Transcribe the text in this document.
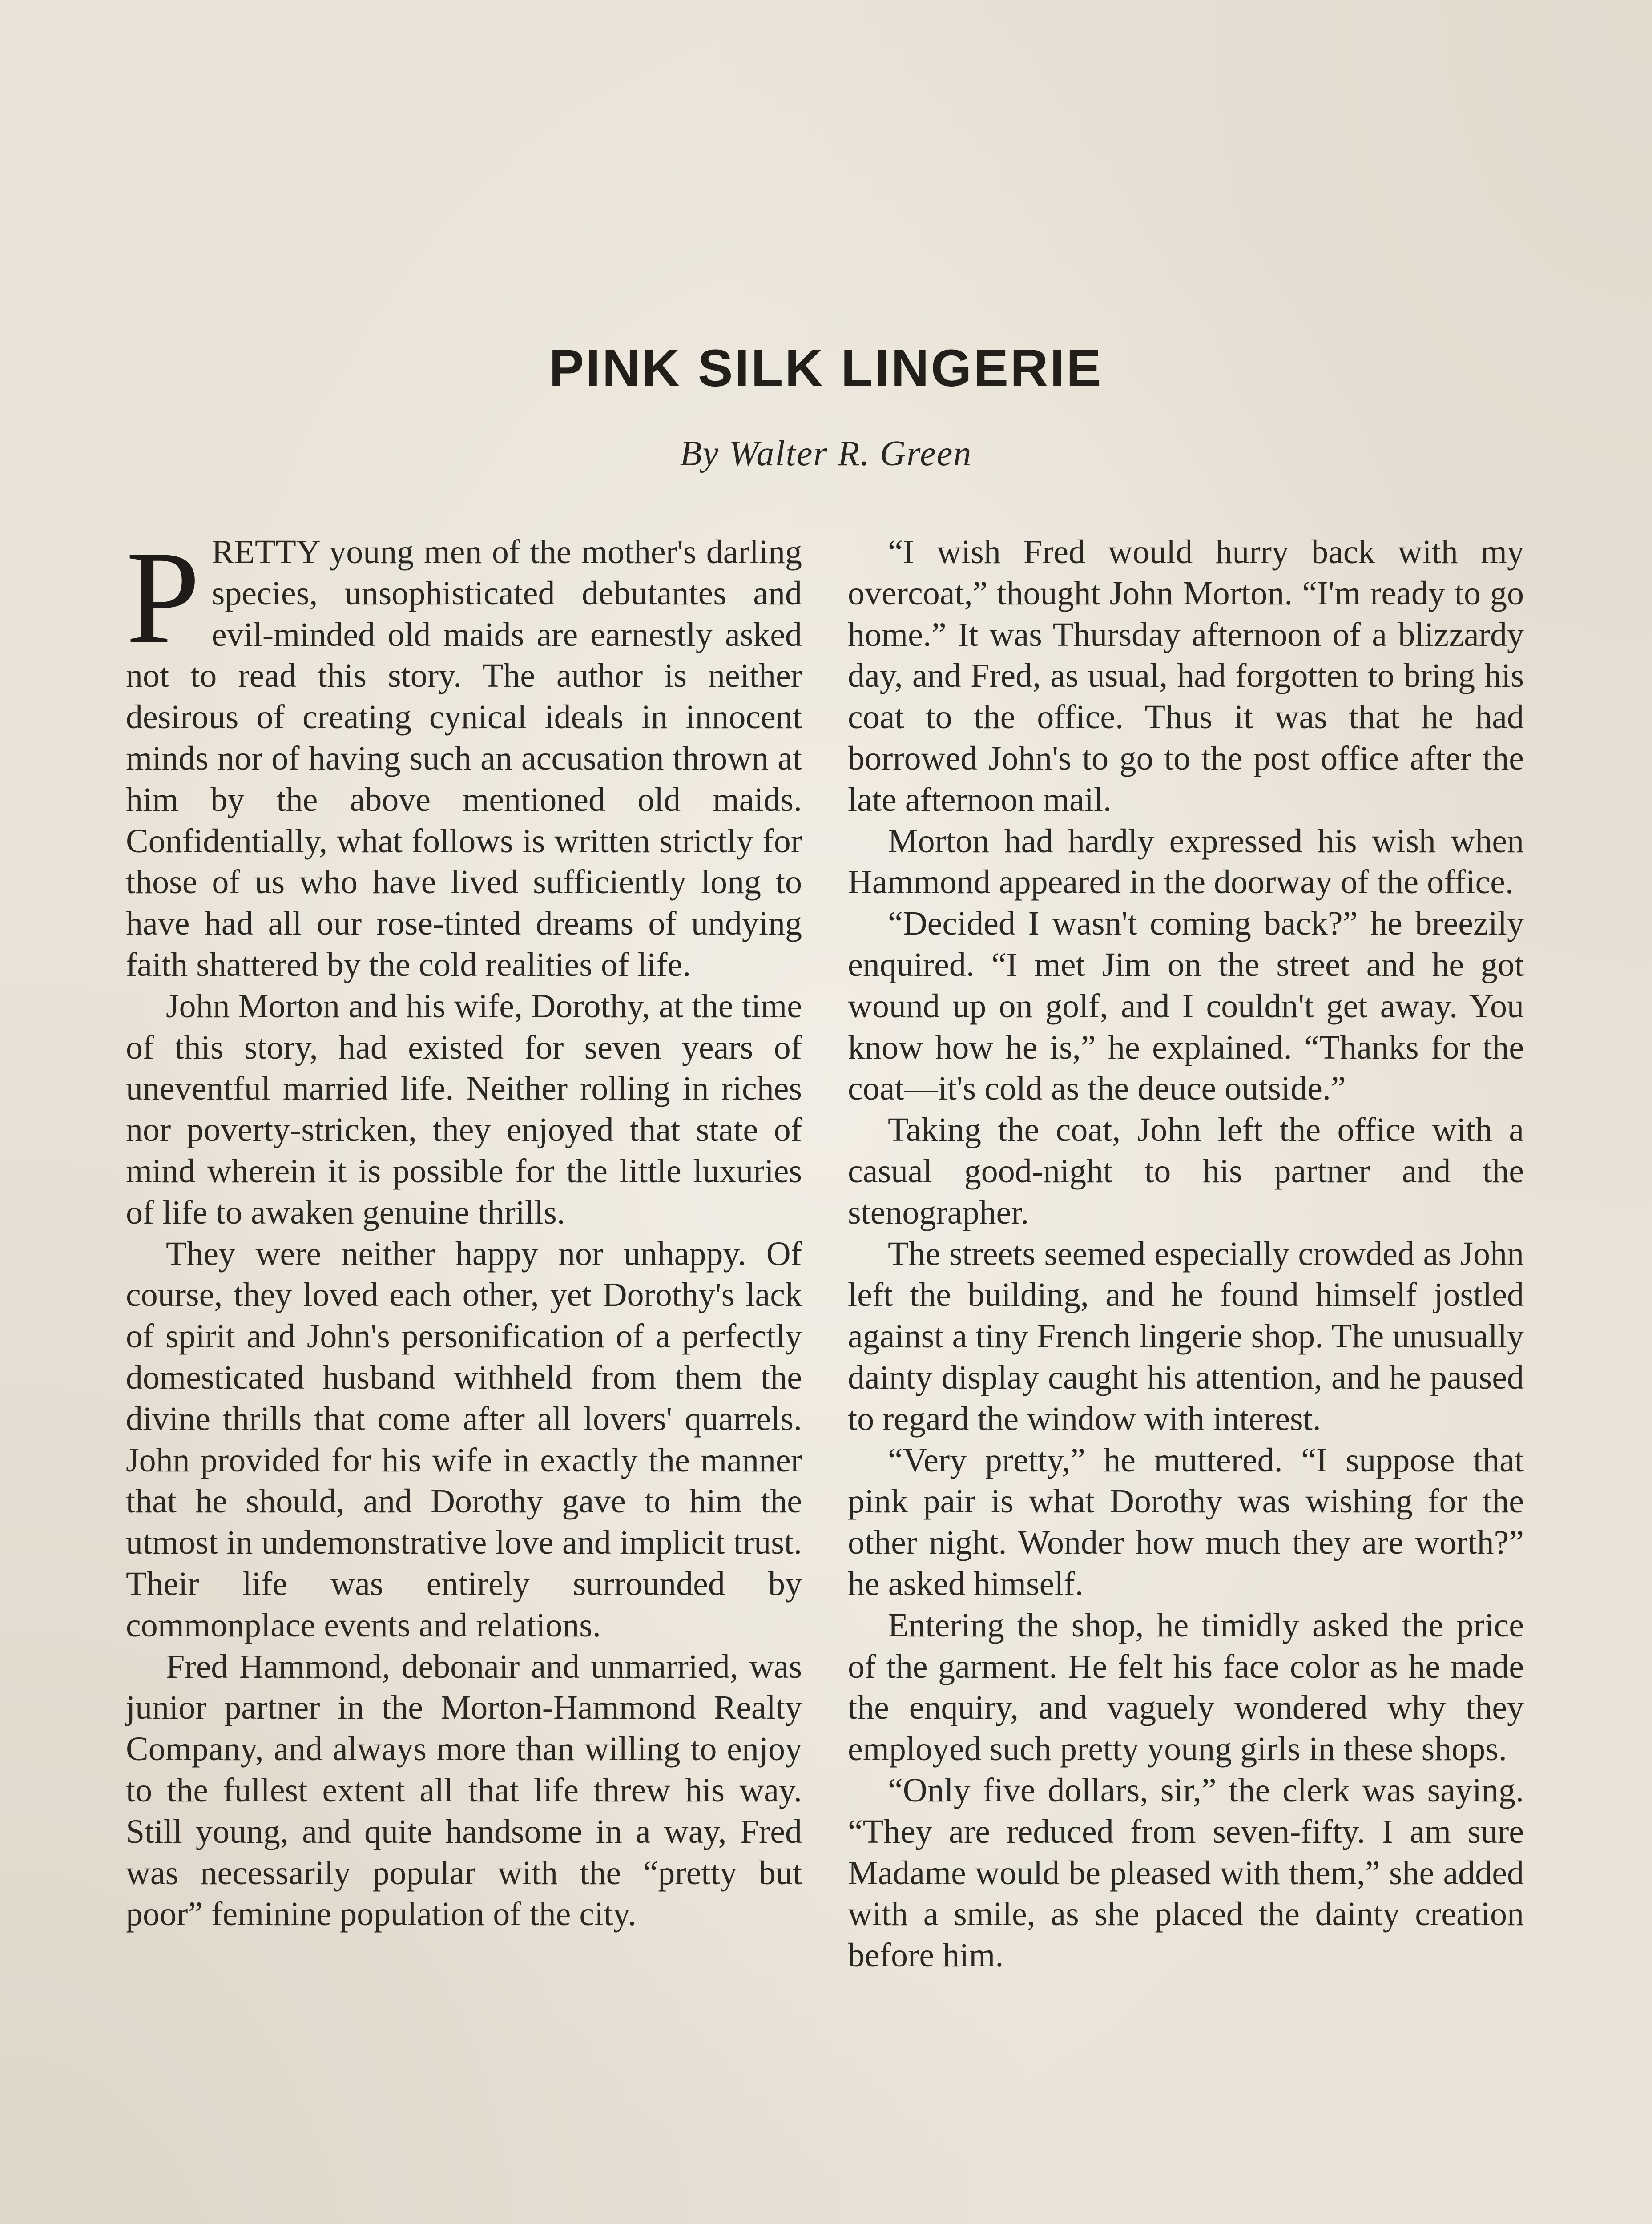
PINK SILK LINGERIE
By Walter R. Green

PRETTY young men of the mother's darling species, unsophisticated debutantes and evil-minded old maids are earnestly asked not to read this story. The author is neither desirous of creating cynical ideals in innocent minds nor of having such an accusation thrown at him by the above mentioned old maids. Confidentially, what follows is written strictly for those of us who have lived sufficiently long to have had all our rose-tinted dreams of undying faith shattered by the cold realities of life.

John Morton and his wife, Dorothy, at the time of this story, had existed for seven years of uneventful married life. Neither rolling in riches nor poverty-stricken, they enjoyed that state of mind wherein it is possible for the little luxuries of life to awaken genuine thrills.

They were neither happy nor unhappy. Of course, they loved each other, yet Dorothy's lack of spirit and John's personification of a perfectly domesticated husband withheld from them the divine thrills that come after all lovers' quarrels. John provided for his wife in exactly the manner that he should, and Dorothy gave to him the utmost in undemonstrative love and implicit trust. Their life was entirely surrounded by commonplace events and relations.

Fred Hammond, debonair and unmarried, was junior partner in the Morton-Hammond Realty Company, and always more than willing to enjoy to the fullest extent all that life threw his way. Still young, and quite handsome in a way, Fred was necessarily popular with the “pretty but poor” feminine population of the city.

“I wish Fred would hurry back with my overcoat,” thought John Morton. “I'm ready to go home.” It was Thursday afternoon of a blizzardy day, and Fred, as usual, had forgotten to bring his coat to the office. Thus it was that he had borrowed John's to go to the post office after the late afternoon mail.

Morton had hardly expressed his wish when Hammond appeared in the doorway of the office.

“Decided I wasn't coming back?” he breezily enquired. “I met Jim on the street and he got wound up on golf, and I couldn't get away. You know how he is,” he explained. “Thanks for the coat—it's cold as the deuce outside.”

Taking the coat, John left the office with a casual good-night to his partner and the stenographer.

The streets seemed especially crowded as John left the building, and he found himself jostled against a tiny French lingerie shop. The unusually dainty display caught his attention, and he paused to regard the window with interest.

“Very pretty,” he muttered. “I suppose that pink pair is what Dorothy was wishing for the other night. Wonder how much they are worth?” he asked himself.

Entering the shop, he timidly asked the price of the garment. He felt his face color as he made the enquiry, and vaguely wondered why they employed such pretty young girls in these shops.

“Only five dollars, sir,” the clerk was saying. “They are reduced from seven-fifty. I am sure Madame would be pleased with them,” she added with a smile, as she placed the dainty creation before him.
